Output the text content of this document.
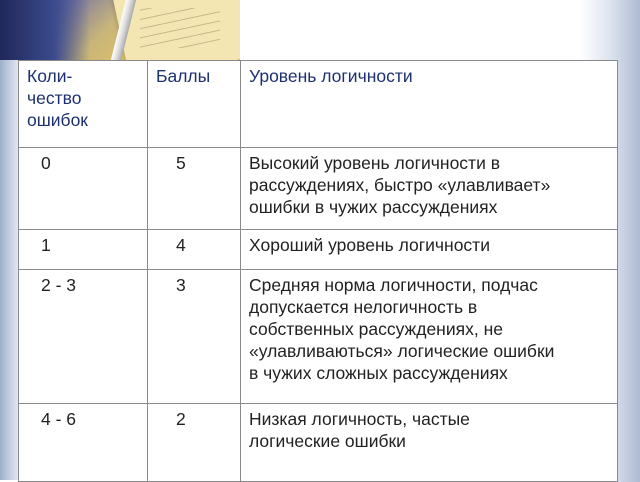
Коли-
чество
ошибок	Баллы	Уровень логичности
0	5	Высокий уровень логичности в
рассуждениях, быстро «улавливает»
ошибки в чужих рассуждениях

1	4	Хороший уровень логичности

2 - 3	3	Средняя норма логичности, подчас
допускается нелогичность в
собственных рассуждениях, не
«улавливаються» логические ошибки
в чужих сложных рассуждениях

4 - 6	2	Низкая логичность, частые
логические ошибки
